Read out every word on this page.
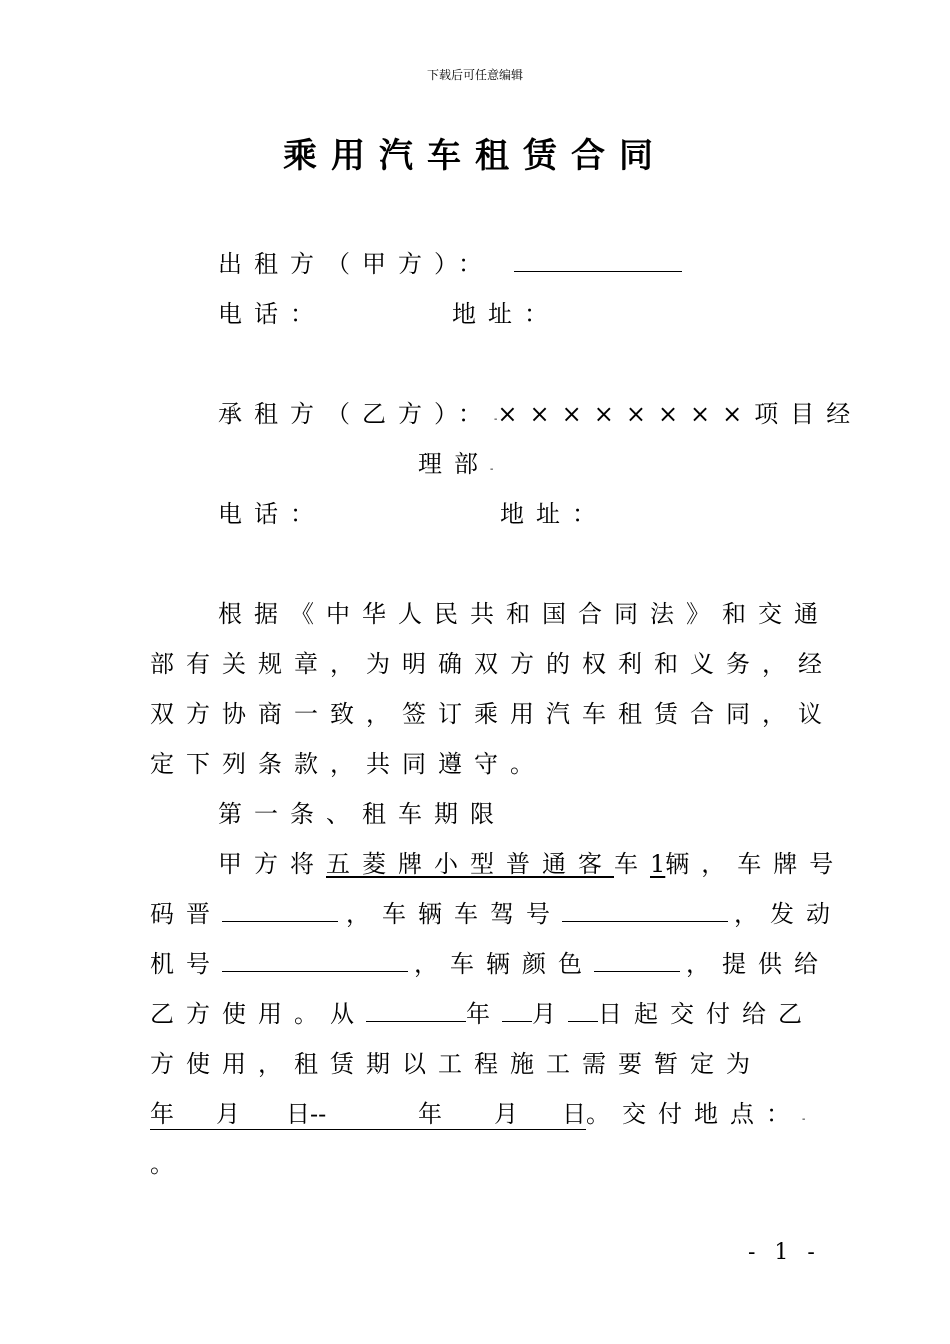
下载后可任意编辑
乘用汽车租赁合同
出租方（甲方）：
电话：	地址：
承租方（乙方）：-××××××××项目经
理部-
电话：	地址：
根据《中华人民共和国合同法》和交通
部有关规章，为明确双方的权利和义务，经
双方协商一致，签订乘用汽车租赁合同，议
定下列条款，共同遵守。
第一条、租车期限
甲方将五菱牌小型普通客车1辆，车牌号
码晋	，车辆车驾号	，发动
机号	，车辆颜色	，提供给
乙方使用。从	年 月 日起交付给乙
方使用，租赁期以工程施工需要暂定为
年 月 日--	年 月 日。交付地点：-
。
- 1 -
